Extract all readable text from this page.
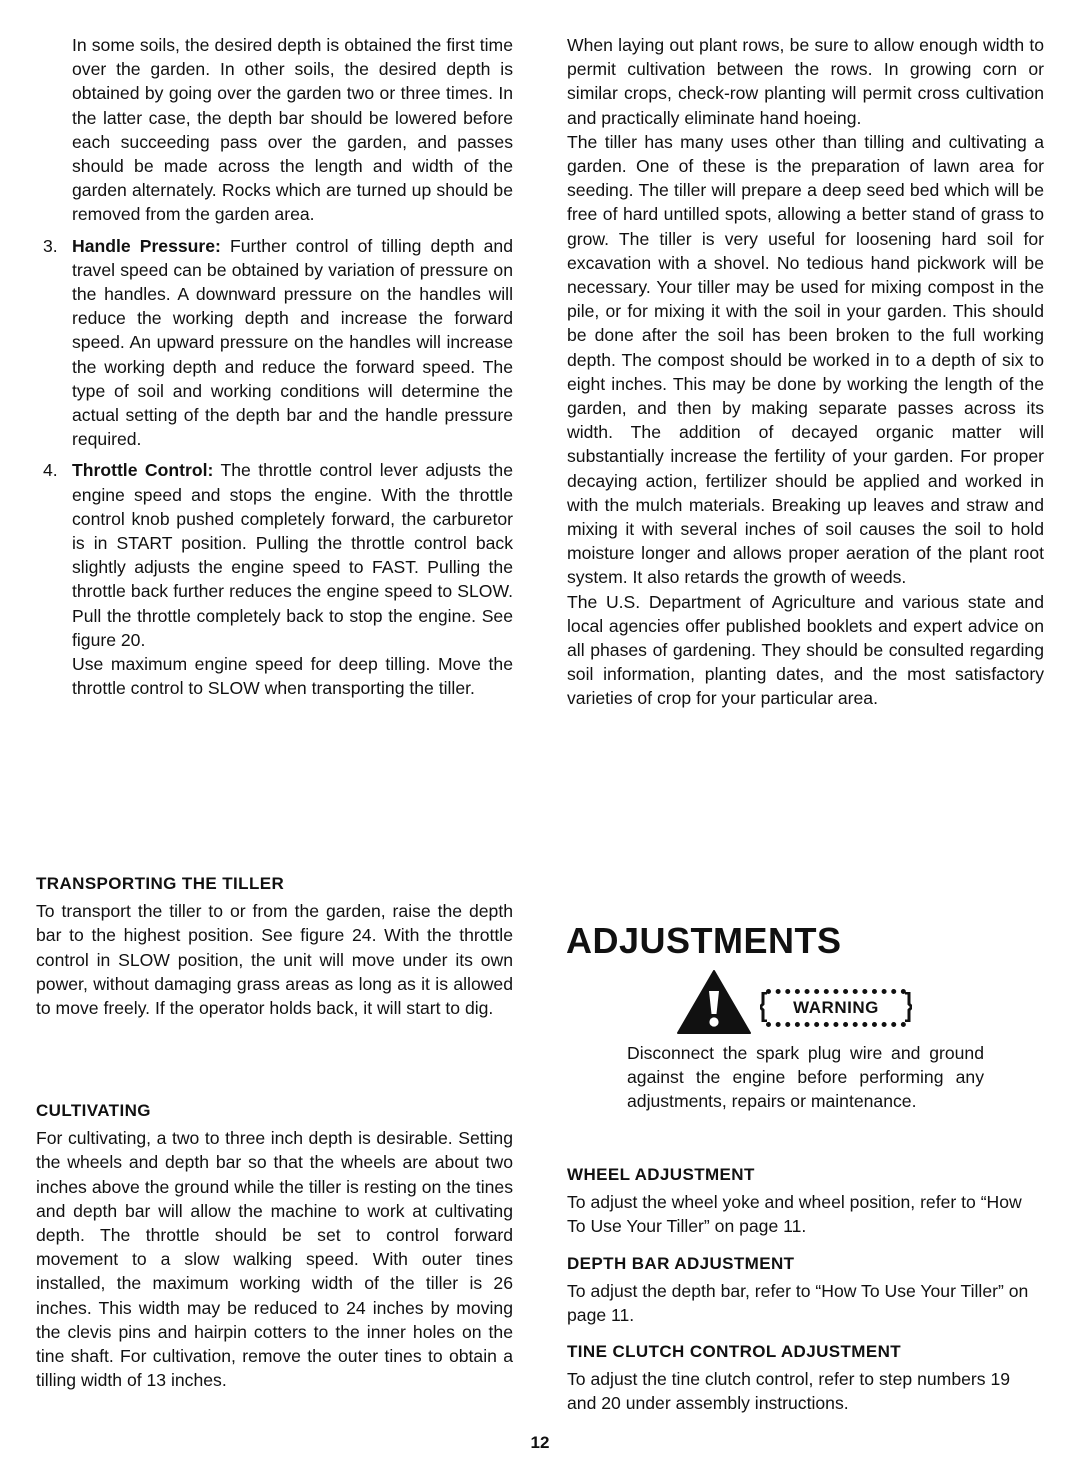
In some soils, the desired depth is obtained the first time over the garden. In other soils, the desired depth is obtained by going over the garden two or three times. In the latter case, the depth bar should be lowered before each succeeding pass over the garden, and passes should be made across the length and width of the garden alternately. Rocks which are turned up should be removed from the garden area.

3. Handle Pressure: Further control of tilling depth and travel speed can be obtained by variation of pressure on the handles. A downward pressure on the handles will reduce the working depth and increase the forward speed. An upward pressure on the handles will increase the working depth and reduce the forward speed. The type of soil and working conditions will determine the actual setting of the depth bar and the handle pressure required.

4. Throttle Control: The throttle control lever adjusts the engine speed and stops the engine. With the throttle control knob pushed completely forward, the carburetor is in START position. Pulling the throttle control back slightly adjusts the engine speed to FAST. Pulling the throttle back further reduces the engine speed to SLOW. Pull the throttle completely back to stop the engine. See figure 20.

Use maximum engine speed for deep tilling. Move the throttle control to SLOW when transporting the tiller.

When laying out plant rows, be sure to allow enough width to permit cultivation between the rows. In growing corn or similar crops, check-row planting will permit cross cultivation and practically eliminate hand hoeing.

The tiller has many uses other than tilling and cultivating a garden. One of these is the preparation of lawn area for seeding. The tiller will prepare a deep seed bed which will be free of hard untilled spots, allowing a better stand of grass to grow. The tiller is very useful for loosening hard soil for excavation with a shovel. No tedious hand pickwork will be necessary. Your tiller may be used for mixing compost in the pile, or for mixing it with the soil in your garden. This should be done after the soil has been broken to the full working depth. The compost should be worked in to a depth of six to eight inches. This may be done by working the length of the garden, and then by making separate passes across its width. The addition of decayed organic matter will substantially increase the fertility of your garden. For proper decaying action, fertilizer should be applied and worked in with the mulch materials. Breaking up leaves and straw and mixing it with several inches of soil causes the soil to hold moisture longer and allows proper aeration of the plant root system. It also retards the growth of weeds.

The U.S. Department of Agriculture and various state and local agencies offer published booklets and expert advice on all phases of gardening. They should be consulted regarding soil information, planting dates, and the most satisfactory varieties of crop for your particular area.

TRANSPORTING THE TILLER

To transport the tiller to or from the garden, raise the depth bar to the highest position. See figure 24. With the throttle control in SLOW position, the unit will move under its own power, without damaging grass areas as long as it is allowed to move freely. If the operator holds back, it will start to dig.

CULTIVATING

For cultivating, a two to three inch depth is desirable. Setting the wheels and depth bar so that the wheels are about two inches above the ground while the tiller is resting on the tines and depth bar will allow the machine to work at cultivating depth. The throttle should be set to control forward movement to a slow walking speed. With outer tines installed, the maximum working width of the tiller is 26 inches. This width may be reduced to 24 inches by moving the clevis pins and hairpin cotters to the inner holes on the tine shaft. For cultivation, remove the outer tines to obtain a tilling width of 13 inches.

ADJUSTMENTS
WARNING

Disconnect the spark plug wire and ground against the engine before performing any adjustments, repairs or maintenance.

WHEEL ADJUSTMENT

To adjust the wheel yoke and wheel position, refer to “How To Use Your Tiller” on page 11.

DEPTH BAR ADJUSTMENT

To adjust the depth bar, refer to “How To Use Your Tiller” on page 11.

TINE CLUTCH CONTROL ADJUSTMENT

To adjust the tine clutch control, refer to step numbers 19 and 20 under assembly instructions.

12
